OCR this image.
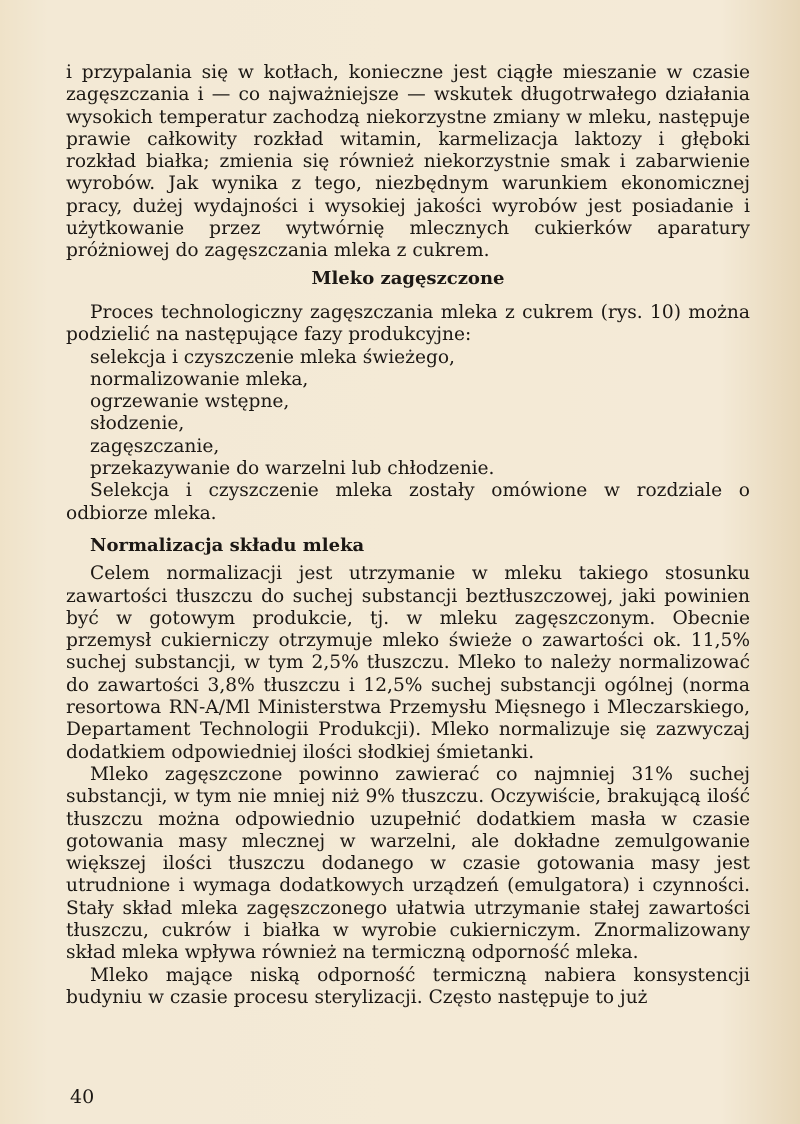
i przypalania się w kotłach, konieczne jest ciągłe mieszanie w czasie zagęszczania i — co najważniejsze — wskutek długotrwałego działania wysokich temperatur zachodzą niekorzystne zmiany w mleku, następuje prawie całkowity rozkład witamin, karmelizacja laktozy i głęboki rozkład białka; zmienia się również niekorzystnie smak i zabarwienie wyrobów. Jak wynika z tego, niezbędnym warunkiem ekonomicznej pracy, dużej wydajności i wysokiej jakości wyrobów jest posiadanie i użytkowanie przez wytwórnię mlecznych cukierków aparatury próżniowej do zagęszczania mleka z cukrem.

Mleko zagęszczone

Proces technologiczny zagęszczania mleka z cukrem (rys. 10) można podzielić na następujące fazy produkcyjne:

selekcja i czyszczenie mleka świeżego,
normalizowanie mleka,
ogrzewanie wstępne,
słodzenie,
zagęszczanie,
przekazywanie do warzelni lub chłodzenie.

Selekcja i czyszczenie mleka zostały omówione w rozdziale o odbiorze mleka.

Normalizacja składu mleka

Celem normalizacji jest utrzymanie w mleku takiego stosunku zawartości tłuszczu do suchej substancji beztłuszczowej, jaki powinien być w gotowym produkcie, tj. w mleku zagęszczonym. Obecnie przemysł cukierniczy otrzymuje mleko świeże o zawartości ok. 11,5% suchej substancji, w tym 2,5% tłuszczu. Mleko to należy normalizować do zawartości 3,8% tłuszczu i 12,5% suchej substancji ogólnej (norma resortowa RN-A/Ml Ministerstwa Przemysłu Mięsnego i Mleczarskiego, Departament Technologii Produkcji). Mleko normalizuje się zazwyczaj dodatkiem odpowiedniej ilości słodkiej śmietanki.

Mleko zagęszczone powinno zawierać co najmniej 31% suchej substancji, w tym nie mniej niż 9% tłuszczu. Oczywiście, brakującą ilość tłuszczu można odpowiednio uzupełnić dodatkiem masła w czasie gotowania masy mlecznej w warzelni, ale dokładne zemulgowanie większej ilości tłuszczu dodanego w czasie gotowania masy jest utrudnione i wymaga dodatkowych urządzeń (emulgatora) i czynności. Stały skład mleka zagęszczonego ułatwia utrzymanie stałej zawartości tłuszczu, cukrów i białka w wyrobie cukierniczym. Znormalizowany skład mleka wpływa również na termiczną odporność mleka.

Mleko mające niską odporność termiczną nabiera konsystencji budyniu w czasie procesu sterylizacji. Często następuje to już

40
